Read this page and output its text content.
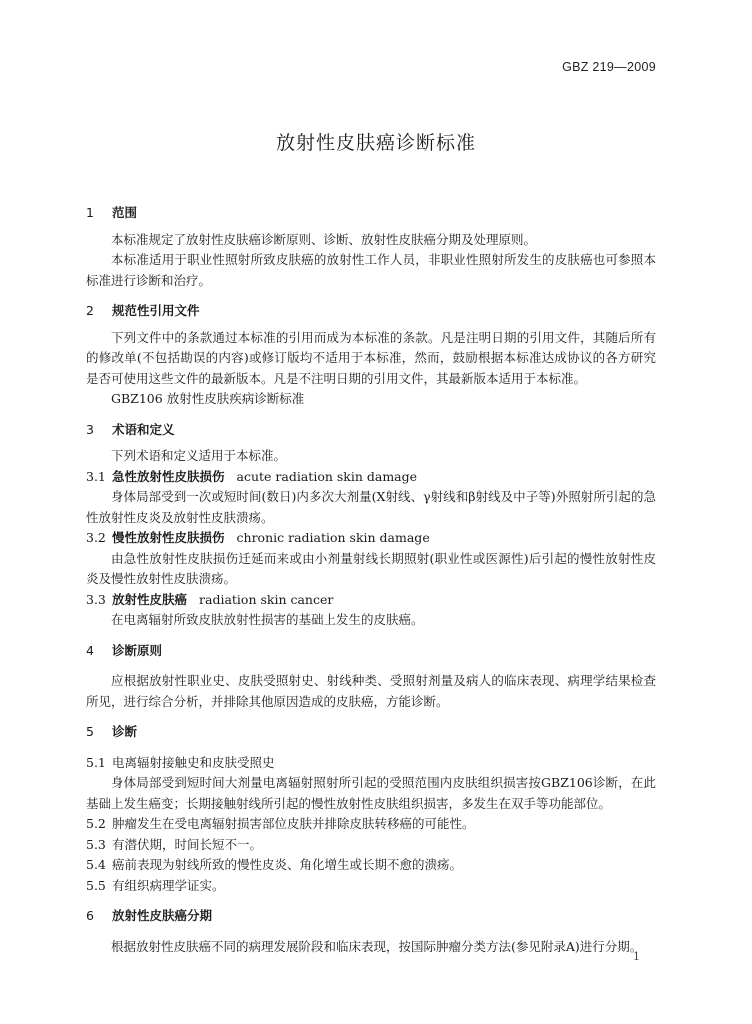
GBZ 219—2009
放射性皮肤癌诊断标准

1 范围

本标准规定了放射性皮肤癌诊断原则、诊断、放射性皮肤癌分期及处理原则。

本标准适用于职业性照射所致皮肤癌的放射性工作人员，非职业性照射所发生的皮肤癌也可参照本标准进行诊断和治疗。

2 规范性引用文件

下列文件中的条款通过本标准的引用而成为本标准的条款。凡是注明日期的引用文件，其随后所有的修改单(不包括勘误的内容)或修订版均不适用于本标准，然而，鼓励根据本标准达成协议的各方研究是否可使用这些文件的最新版本。凡是不注明日期的引用文件，其最新版本适用于本标准。

GBZ106 放射性皮肤疾病诊断标准

3 术语和定义

下列术语和定义适用于本标准。

3.1 急性放射性皮肤损伤 acute radiation skin damage

身体局部受到一次或短时间(数日)内多次大剂量(X射线、γ射线和β射线及中子等)外照射所引起的急性放射性皮炎及放射性皮肤溃疡。

3.2 慢性放射性皮肤损伤 chronic radiation skin damage

由急性放射性皮肤损伤迁延而来或由小剂量射线长期照射(职业性或医源性)后引起的慢性放射性皮炎及慢性放射性皮肤溃疡。

3.3 放射性皮肤癌 radiation skin cancer

在电离辐射所致皮肤放射性损害的基础上发生的皮肤癌。

4 诊断原则

应根据放射性职业史、皮肤受照射史、射线种类、受照射剂量及病人的临床表现、病理学结果检查所见，进行综合分析，并排除其他原因造成的皮肤癌，方能诊断。

5 诊断

5.1 电离辐射接触史和皮肤受照史

身体局部受到短时间大剂量电离辐射照射所引起的受照范围内皮肤组织损害按GBZ106诊断，在此基础上发生癌变；长期接触射线所引起的慢性放射性皮肤组织损害，多发生在双手等功能部位。

5.2 肿瘤发生在受电离辐射损害部位皮肤并排除皮肤转移癌的可能性。

5.3 有潜伏期，时间长短不一。

5.4 癌前表现为射线所致的慢性皮炎、角化增生或长期不愈的溃疡。

5.5 有组织病理学证实。

6 放射性皮肤癌分期

根据放射性皮肤癌不同的病理发展阶段和临床表现，按国际肿瘤分类方法(参见附录A)进行分期。

1
